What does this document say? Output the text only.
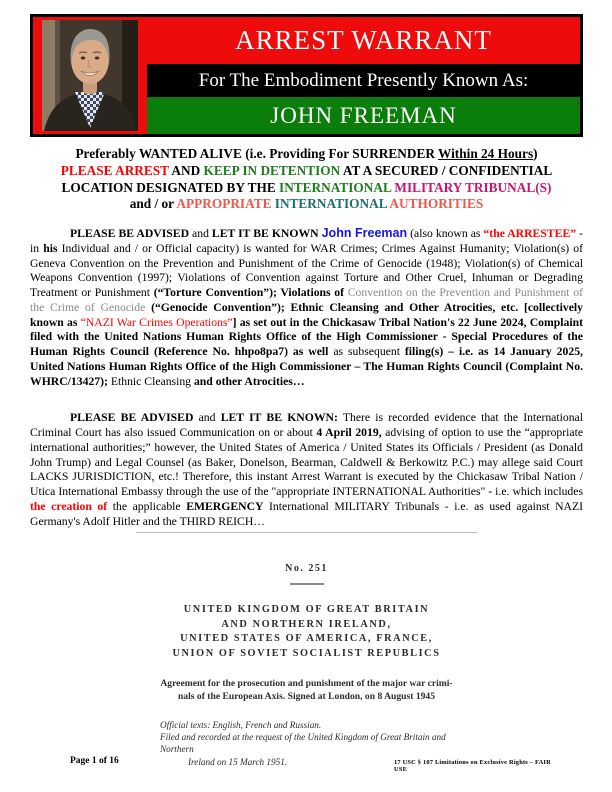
ARREST WARRANT
For The Embodiment Presently Known As:
JOHN FREEMAN
Preferably WANTED ALIVE (i.e. Providing For SURRENDER Within 24 Hours)
PLEASE ARREST AND KEEP IN DETENTION AT A SECURED / CONFIDENTIAL
LOCATION DESIGNATED BY THE INTERNATIONAL MILITARY TRIBUNAL(S)
and / or APPROPRIATE INTERNATIONAL AUTHORITIES

PLEASE BE ADVISED and LET IT BE KNOWN John Freeman (also known as “the ARRESTEE” - in his Individual and / or Official capacity) is wanted for WAR Crimes; Crimes Against Humanity; Violation(s) of Geneva Convention on the Prevention and Punishment of the Crime of Genocide (1948); Violation(s) of Chemical Weapons Convention (1997); Violations of Convention against Torture and Other Cruel, Inhuman or Degrading Treatment or Punishment (“Torture Convention”); Violations of Convention on the Prevention and Punishment of the Crime of Genocide (“Genocide Convention”); Ethnic Cleansing and Other Atrocities, etc. [collectively known as “NAZI War Crimes Operations”] as set out in the Chickasaw Tribal Nation's 22 June 2024, Complaint filed with the United Nations Human Rights Office of the High Commissioner - Special Procedures of the Human Rights Council (Reference No. hhpo8pa7) as well as subsequent filing(s) – i.e. as 14 January 2025, United Nations Human Rights Office of the High Commissioner – The Human Rights Council (Complaint No. WHRC/13427); Ethnic Cleansing and other Atrocities…

PLEASE BE ADVISED and LET IT BE KNOWN: There is recorded evidence that the International Criminal Court has also issued Communication on or about 4 April 2019, advising of option to use the “appropriate international authorities;” however, the United States of America / United States its Officials / President (as Donald John Trump) and Legal Counsel (as Baker, Donelson, Bearman, Caldwell & Berkowitz P.C.) may allege said Court LACKS JURISDICTION, etc.! Therefore, this instant Arrest Warrant is executed by the Chickasaw Tribal Nation / Utica International Embassy through the use of the "appropriate INTERNATIONAL Authorities" - i.e. which includes the creation of the applicable EMERGENCY International MILITARY Tribunals - i.e. as used against NAZI Germany's Adolf Hitler and the THIRD REICH…

No. 251
UNITED KINGDOM OF GREAT BRITAIN
AND NORTHERN IRELAND,
UNITED STATES OF AMERICA, FRANCE,
UNION OF SOVIET SOCIALIST REPUBLICS
Agreement for the prosecution and punishment of the major war crimi-
nals of the European Axis. Signed at London, on 8 August 1945
Official texts: English, French and Russian.
Filed and recorded at the request of the United Kingdom of Great Britain and Northern
Ireland on 15 March 1951.
Page 1 of 16	17 USC § 107 Limitations on Exclusive Rights – FAIR USE
